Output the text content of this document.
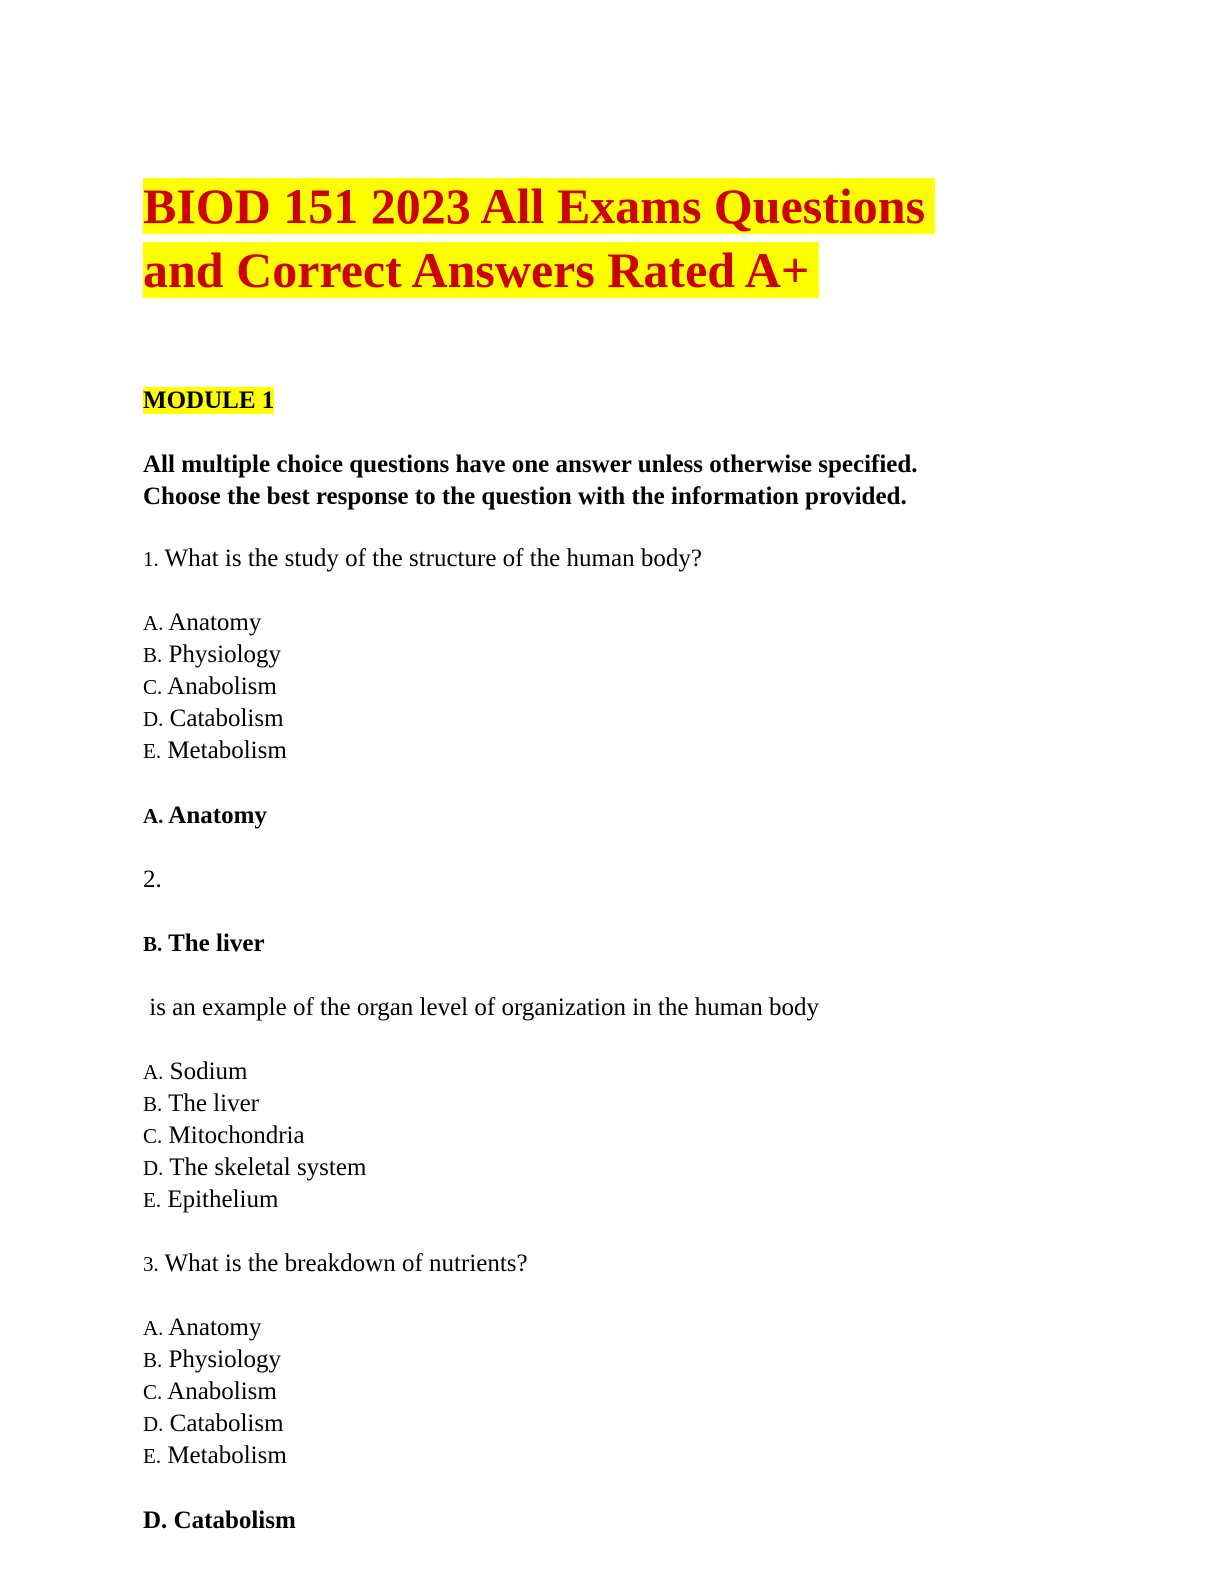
BIOD 151 2023 All Exams Questions
and Correct Answers Rated A+
MODULE 1
All multiple choice questions have one answer unless otherwise specified.
Choose the best response to the question with the information provided.
1. What is the study of the structure of the human body?
A. Anatomy
B. Physiology
C. Anabolism
D. Catabolism
E. Metabolism
A. Anatomy
2.
B. The liver
is an example of the organ level of organization in the human body
A. Sodium
B. The liver
C. Mitochondria
D. The skeletal system
E. Epithelium
3. What is the breakdown of nutrients?
A. Anatomy
B. Physiology
C. Anabolism
D. Catabolism
E. Metabolism
D. Catabolism
